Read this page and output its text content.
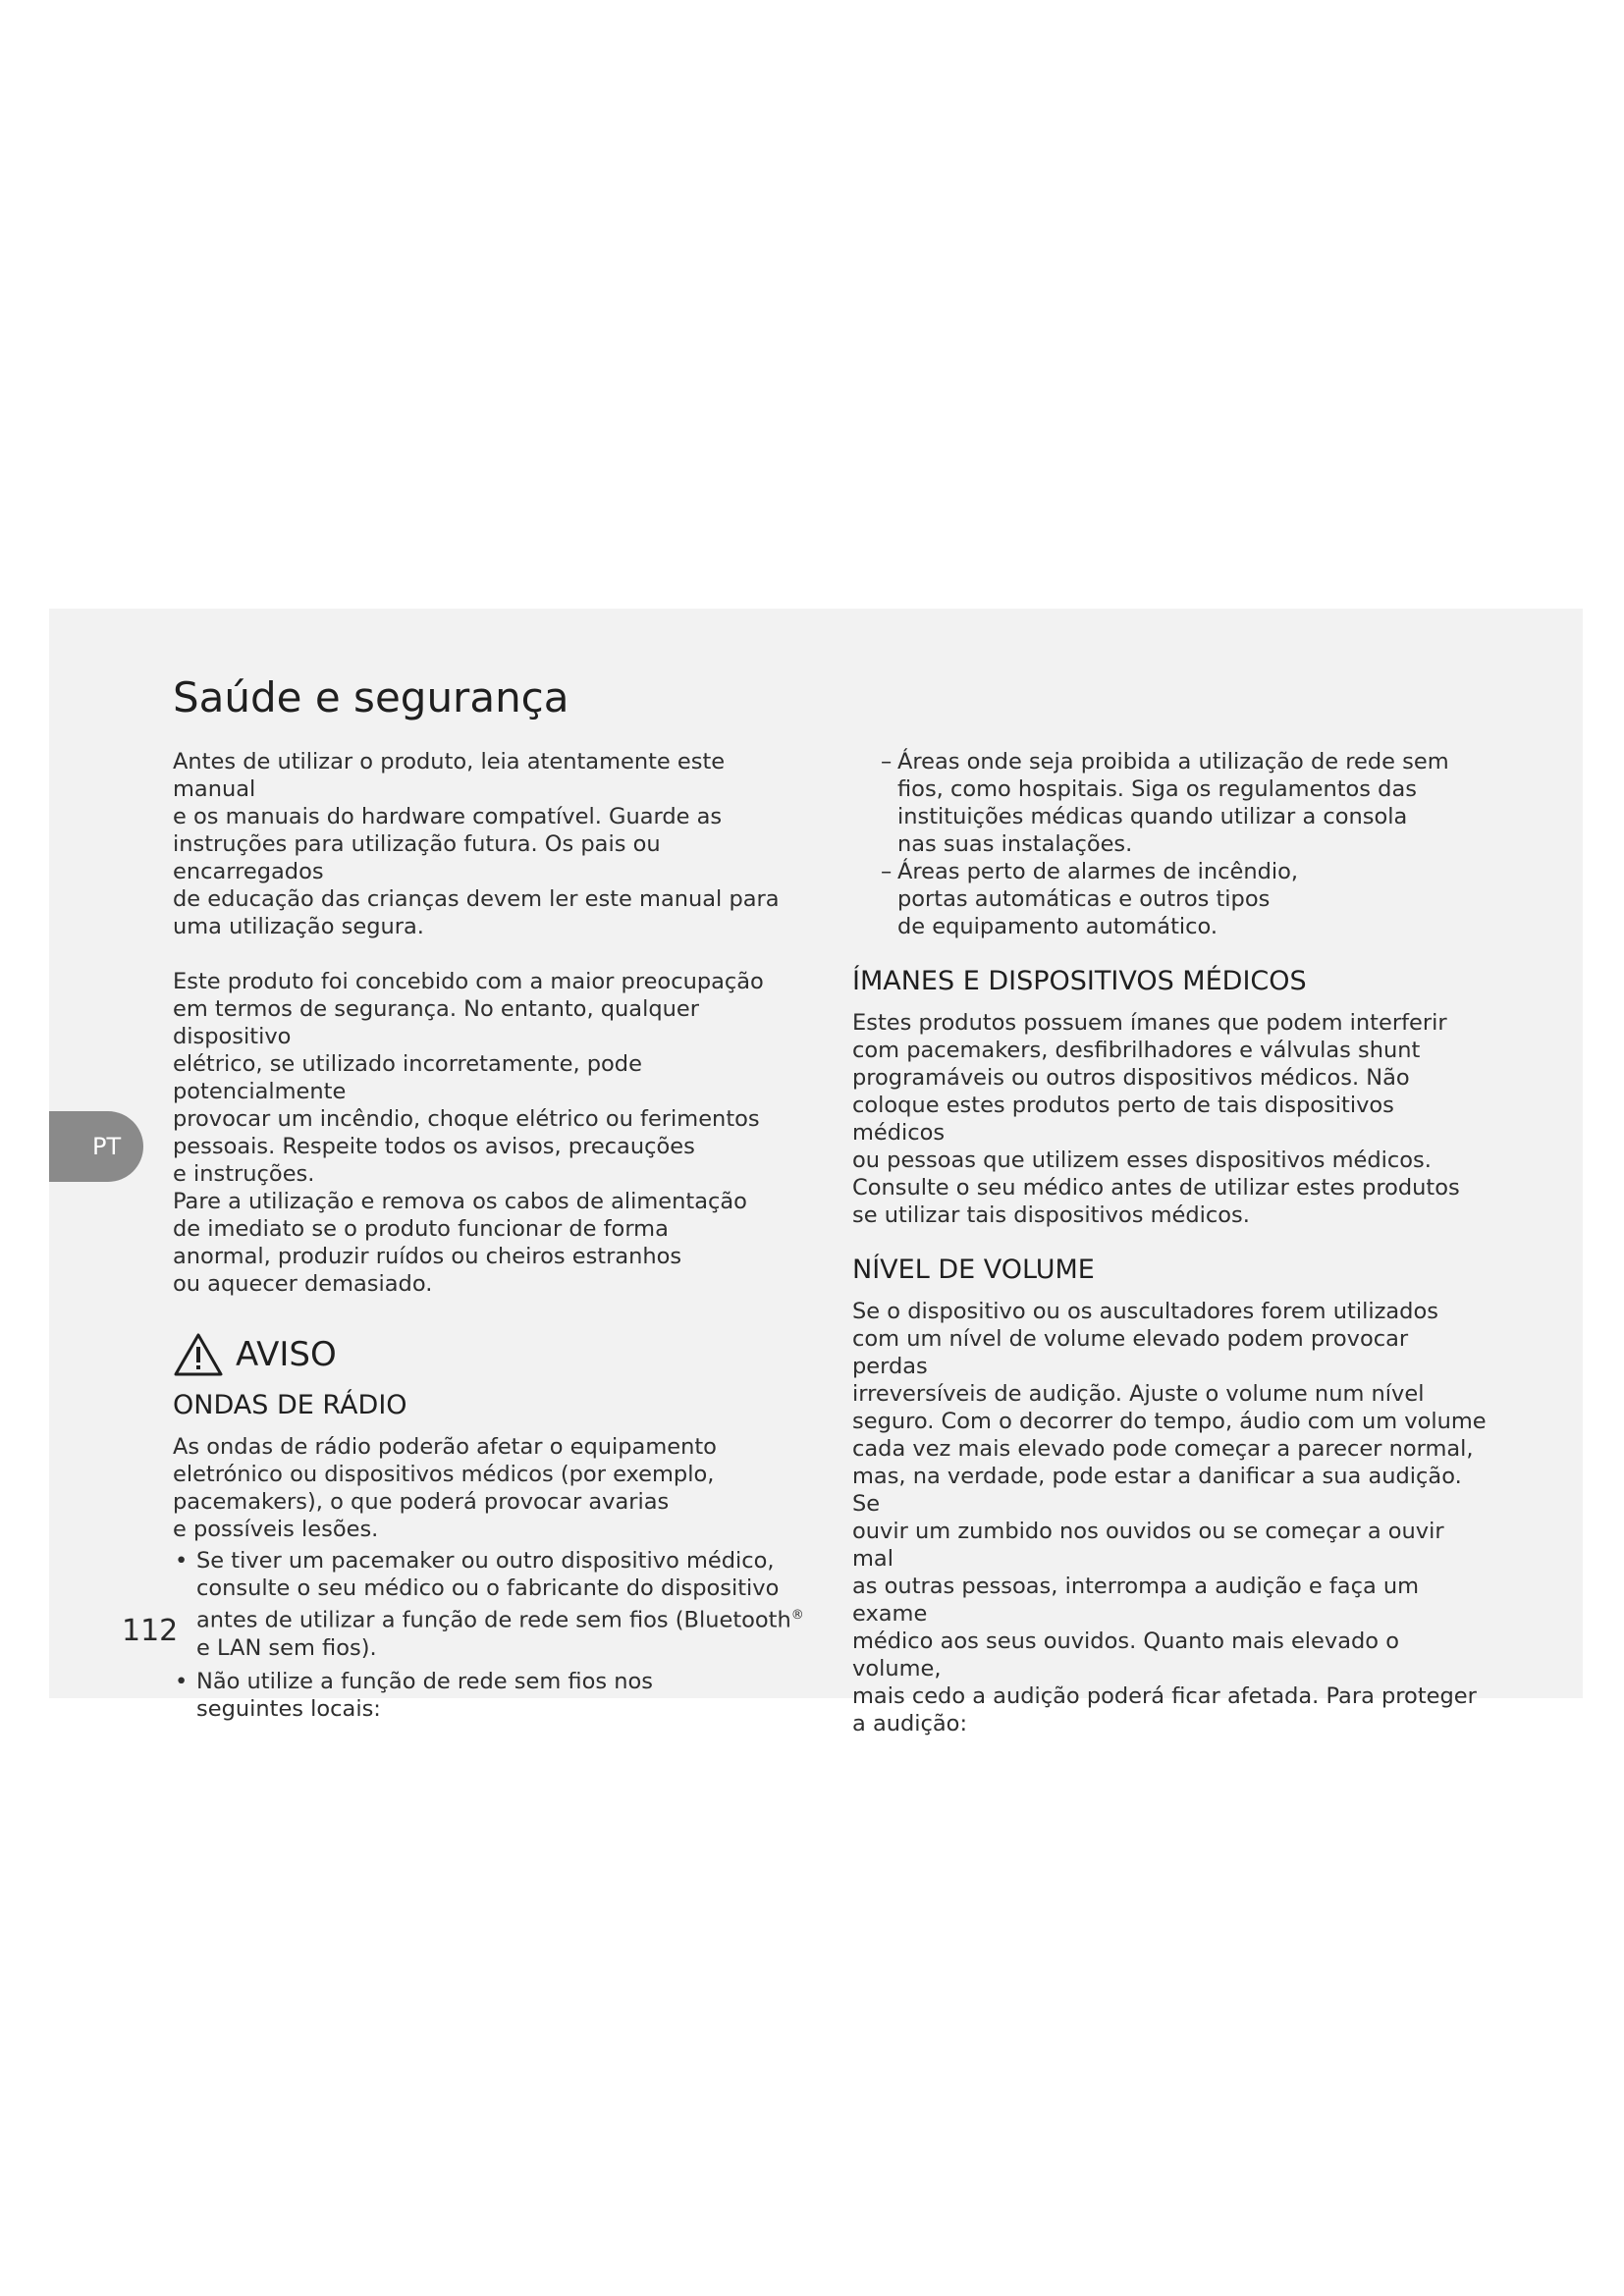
PT
Saúde e segurança

Antes de utilizar o produto, leia atentamente este manual
e os manuais do hardware compatível. Guarde as
instruções para utilização futura. Os pais ou encarregados
de educação das crianças devem ler este manual para
uma utilização segura.

Este produto foi concebido com a maior preocupação
em termos de segurança. No entanto, qualquer dispositivo
elétrico, se utilizado incorretamente, pode potencialmente
provocar um incêndio, choque elétrico ou ferimentos
pessoais. Respeite todos os avisos, precauções
e instruções.

Pare a utilização e remova os cabos de alimentação
de imediato se o produto funcionar de forma
anormal, produzir ruídos ou cheiros estranhos
ou aquecer demasiado.

AVISO
ONDAS DE RÁDIO

As ondas de rádio poderão afetar o equipamento
eletrónico ou dispositivos médicos (por exemplo,
pacemakers), o que poderá provocar avarias
e possíveis lesões.

• Se tiver um pacemaker ou outro dispositivo médico,
consulte o seu médico ou o fabricante do dispositivo
antes de utilizar a função de rede sem fios (Bluetooth®
e LAN sem fios).
• Não utilize a função de rede sem fios nos
seguintes locais:
– Áreas onde seja proibida a utilização de rede sem
fios, como hospitais. Siga os regulamentos das
instituições médicas quando utilizar a consola
nas suas instalações.
– Áreas perto de alarmes de incêndio,
portas automáticas e outros tipos
de equipamento automático.
ÍMANES E DISPOSITIVOS MÉDICOS

Estes produtos possuem ímanes que podem interferir
com pacemakers, desfibrilhadores e válvulas shunt
programáveis ou outros dispositivos médicos. Não
coloque estes produtos perto de tais dispositivos médicos
ou pessoas que utilizem esses dispositivos médicos.
Consulte o seu médico antes de utilizar estes produtos
se utilizar tais dispositivos médicos.

NÍVEL DE VOLUME

Se o dispositivo ou os auscultadores forem utilizados
com um nível de volume elevado podem provocar perdas
irreversíveis de audição. Ajuste o volume num nível
seguro. Com o decorrer do tempo, áudio com um volume
cada vez mais elevado pode começar a parecer normal,
mas, na verdade, pode estar a danificar a sua audição. Se
ouvir um zumbido nos ouvidos ou se começar a ouvir mal
as outras pessoas, interrompa a audição e faça um exame
médico aos seus ouvidos. Quanto mais elevado o volume,
mais cedo a audição poderá ficar afetada. Para proteger
a audição:

112
